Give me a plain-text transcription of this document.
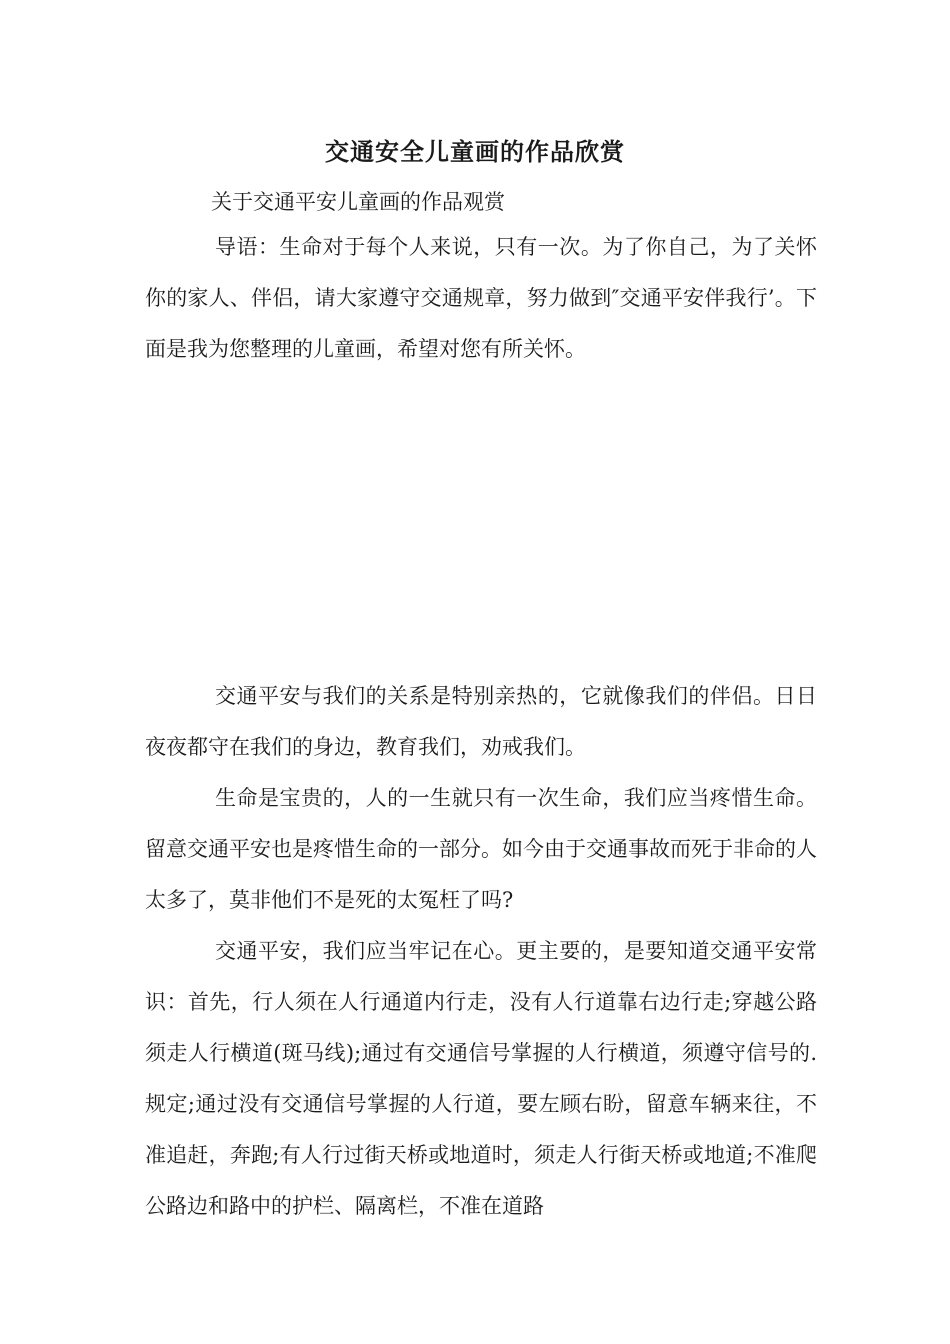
交通安全儿童画的作品欣赏

关于交通平安儿童画的作品观赏

导语：生命对于每个人来说，只有一次。为了你自己，为了关怀你的家人、伴侣，请大家遵守交通规章，努力做到″交通平安伴我行’。下面是我为您整理的儿童画，希望对您有所关怀。

交通平安与我们的关系是特别亲热的，它就像我们的伴侣。日日夜夜都守在我们的身边，教育我们，劝戒我们。

生命是宝贵的，人的一生就只有一次生命，我们应当疼惜生命。留意交通平安也是疼惜生命的一部分。如今由于交通事故而死于非命的人太多了，莫非他们不是死的太冤枉了吗?

交通平安，我们应当牢记在心。更主要的，是要知道交通平安常识：首先，行人须在人行通道内行走，没有人行道靠右边行走;穿越公路须走人行横道(斑马线);通过有交通信号掌握的人行横道，须遵守信号的.规定;通过没有交通信号掌握的人行道，要左顾右盼，留意车辆来往，不准追赶，奔跑;有人行过街天桥或地道时，须走人行街天桥或地道;不准爬公路边和路中的护栏、隔离栏，不准在道路
